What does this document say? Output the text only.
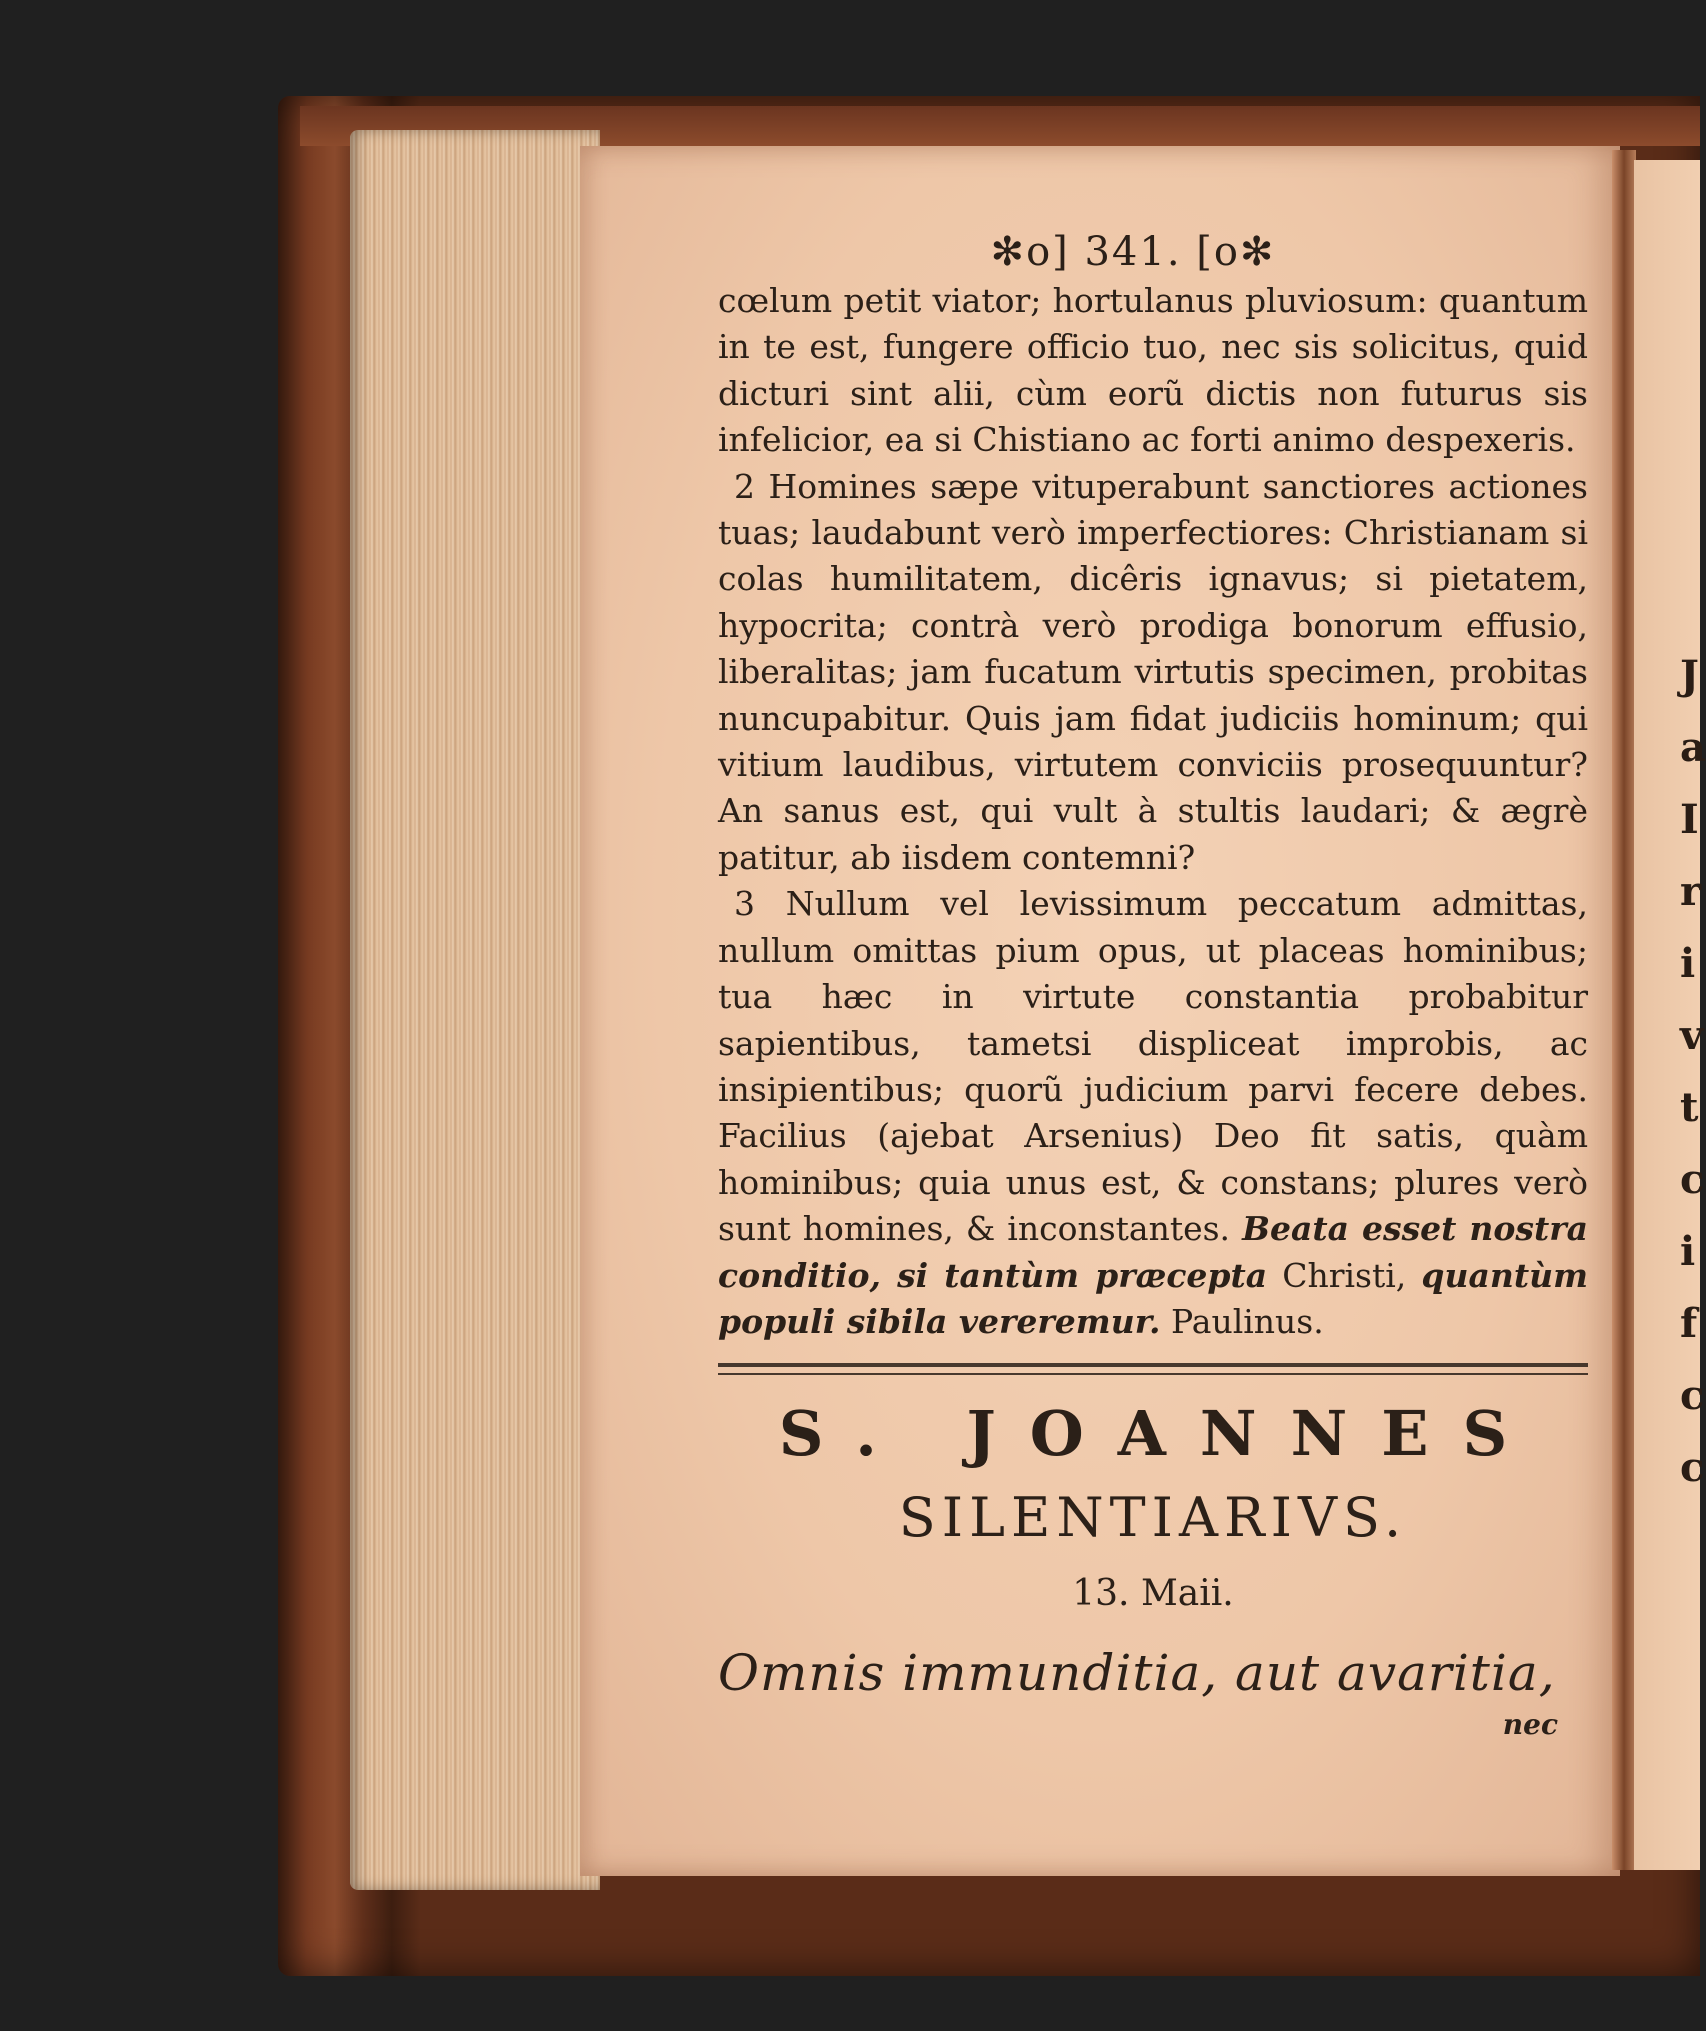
J
a
I
r
i
v
t
c
i
f
c
c
✻o] 341. [o✻

cœlum petit viator; hortulanus pluviosum: quantum in te est, fungere officio tuo, nec sis solicitus, quid dicturi sint alii, cùm eorũ dictis non futurus sis infelicior, ea si Chistiano ac forti animo despexeris.

2 Homines sæpe vituperabunt sanctiores actiones tuas; laudabunt verò imperfectiores: Christianam si colas humilitatem, dicêris ignavus; si pietatem, hypocrita; contrà verò prodiga bonorum effusio, liberalitas; jam fucatum virtutis specimen, probitas nuncupabitur. Quis jam fidat judiciis hominum; qui vitium laudibus, virtutem conviciis prosequuntur? An sanus est, qui vult à stultis laudari; & ægrè patitur, ab iisdem contemni?

3 Nullum vel levissimum peccatum admittas, nullum omittas pium opus, ut placeas hominibus; tua hæc in virtute constantia probabitur sapientibus, tametsi displiceat improbis, ac insipientibus; quorũ judicium parvi fecere debes. Facilius (ajebat Arsenius) Deo fit satis, quàm hominibus; quia unus est, & constans; plures verò sunt homines, & inconstantes. Beata esset nostra conditio, si tantùm præcepta Christi, quantùm populi sibila vereremur. Paulinus.

S. JOANNES
SILENTIARIVS.
13. Maii.
Omnis immunditia, aut avaritia,
nec
